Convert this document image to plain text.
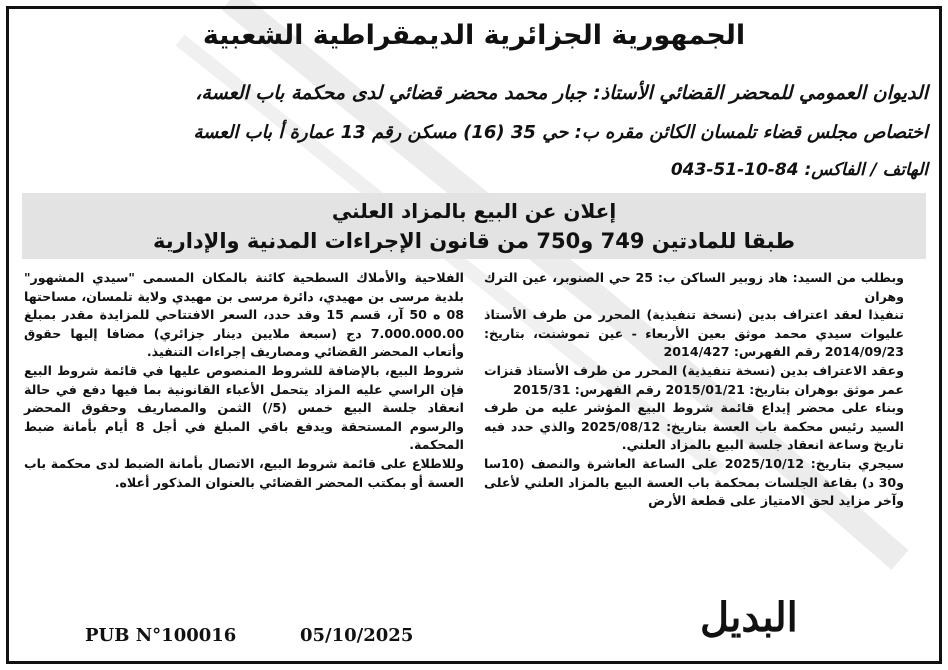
الجمهورية الجزائرية الديمقراطية الشعبية
الديوان العمومي للمحضر القضائي الأستاذ: جبار محمد محضر قضائي لدى محكمة باب العسة،
اختصاص مجلس قضاء تلمسان الكائن مقره ب: حي 35 (16) مسكن رقم 13 عمارة أ باب العسة
الهاتف / الفاكس: 84-10-51-043
إعلان عن البيع بالمزاد العلني
طبقا للمادتين 749 و750 من قانون الإجراءات المدنية والإدارية

وبطلب من السيد: هاد زوبير الساكن ب: 25 حي الصنوبر، عين الترك وهران

تنفيذا لعقد اعتراف بدين (نسخة تنفيذية) المحرر من طرف الأستاذ عليوات سيدي محمد موثق بعين الأربعاء - عين تموشنت، بتاريخ: 2014/09/23 رقم الفهرس: 2014/427

وعقد الاعتراف بدين (نسخة تنفيذية) المحرر من طرف الأستاذ قنزات عمر موثق بوهران بتاريخ: 2015/01/21 رقم الفهرس: 2015/31

وبناء على محضر إيداع قائمة شروط البيع المؤشر عليه من طرف السيد رئيس محكمة باب العسة بتاريخ: 2025/08/12 والذي حدد فيه تاريخ وساعة انعقاد جلسة البيع بالمزاد العلني.

سيجري بتاريخ: 2025/10/12 على الساعة العاشرة والنصف (10سا و30 د) بقاعة الجلسات بمحكمة باب العسة البيع بالمزاد العلني لأعلى وآخر مزايد لحق الامتياز على قطعة الأرض

الفلاحية والأملاك السطحية كائنة بالمكان المسمى "سيدي المشهور" بلدية مرسى بن مهيدي، دائرة مرسى بن مهيدي ولاية تلمسان، مساحتها 08 ه 50 آر، قسم 15 وقد حدد، السعر الافتتاحي للمزايدة مقدر بمبلغ 7.000.000.00 دج (سبعة ملايين دينار جزائري) مضافا إليها حقوق وأتعاب المحضر القضائي ومصاريف إجراءات التنفيذ.

شروط البيع، بالإضافة للشروط المنصوص عليها في قائمة شروط البيع فإن الراسي عليه المزاد يتحمل الأعباء القانونية بما فيها دفع في حالة انعقاد جلسة البيع خمس (5/) الثمن والمصاريف وحقوق المحضر والرسوم المستحقة ويدفع باقي المبلغ في أجل 8 أيام بأمانة ضبط المحكمة.

وللاطلاع على قائمة شروط البيع، الاتصال بأمانة الضبط لدى محكمة باب العسة أو بمكتب المحضر القضائي بالعنوان المذكور أعلاه.

البديل
PUB N°100016	05/10/2025
